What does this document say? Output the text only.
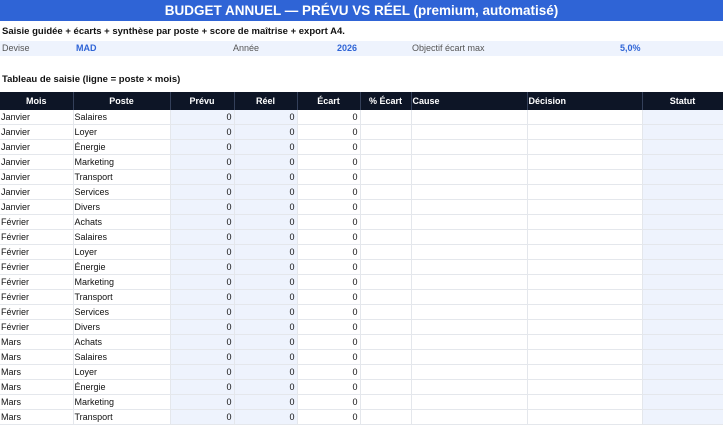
BUDGET ANNUEL — PRÉVU VS RÉEL (premium, automatisé)
Saisie guidée + écarts + synthèse par poste + score de maîtrise + export A4.
Devise	MAD	Année	2026	Objectif écart max	5,0%
Tableau de saisie (ligne = poste × mois)
Mois	Poste	Prévu	Réel	Écart	% Écart	Cause	Décision	Statut
Janvier	Salaires	0	0	0				
Janvier	Loyer	0	0	0				
Janvier	Énergie	0	0	0				
Janvier	Marketing	0	0	0				
Janvier	Transport	0	0	0				
Janvier	Services	0	0	0				
Janvier	Divers	0	0	0				
Février	Achats	0	0	0				
Février	Salaires	0	0	0				
Février	Loyer	0	0	0				
Février	Énergie	0	0	0				
Février	Marketing	0	0	0				
Février	Transport	0	0	0				
Février	Services	0	0	0				
Février	Divers	0	0	0				
Mars	Achats	0	0	0				
Mars	Salaires	0	0	0				
Mars	Loyer	0	0	0				
Mars	Énergie	0	0	0				
Mars	Marketing	0	0	0				
Mars	Transport	0	0	0				
